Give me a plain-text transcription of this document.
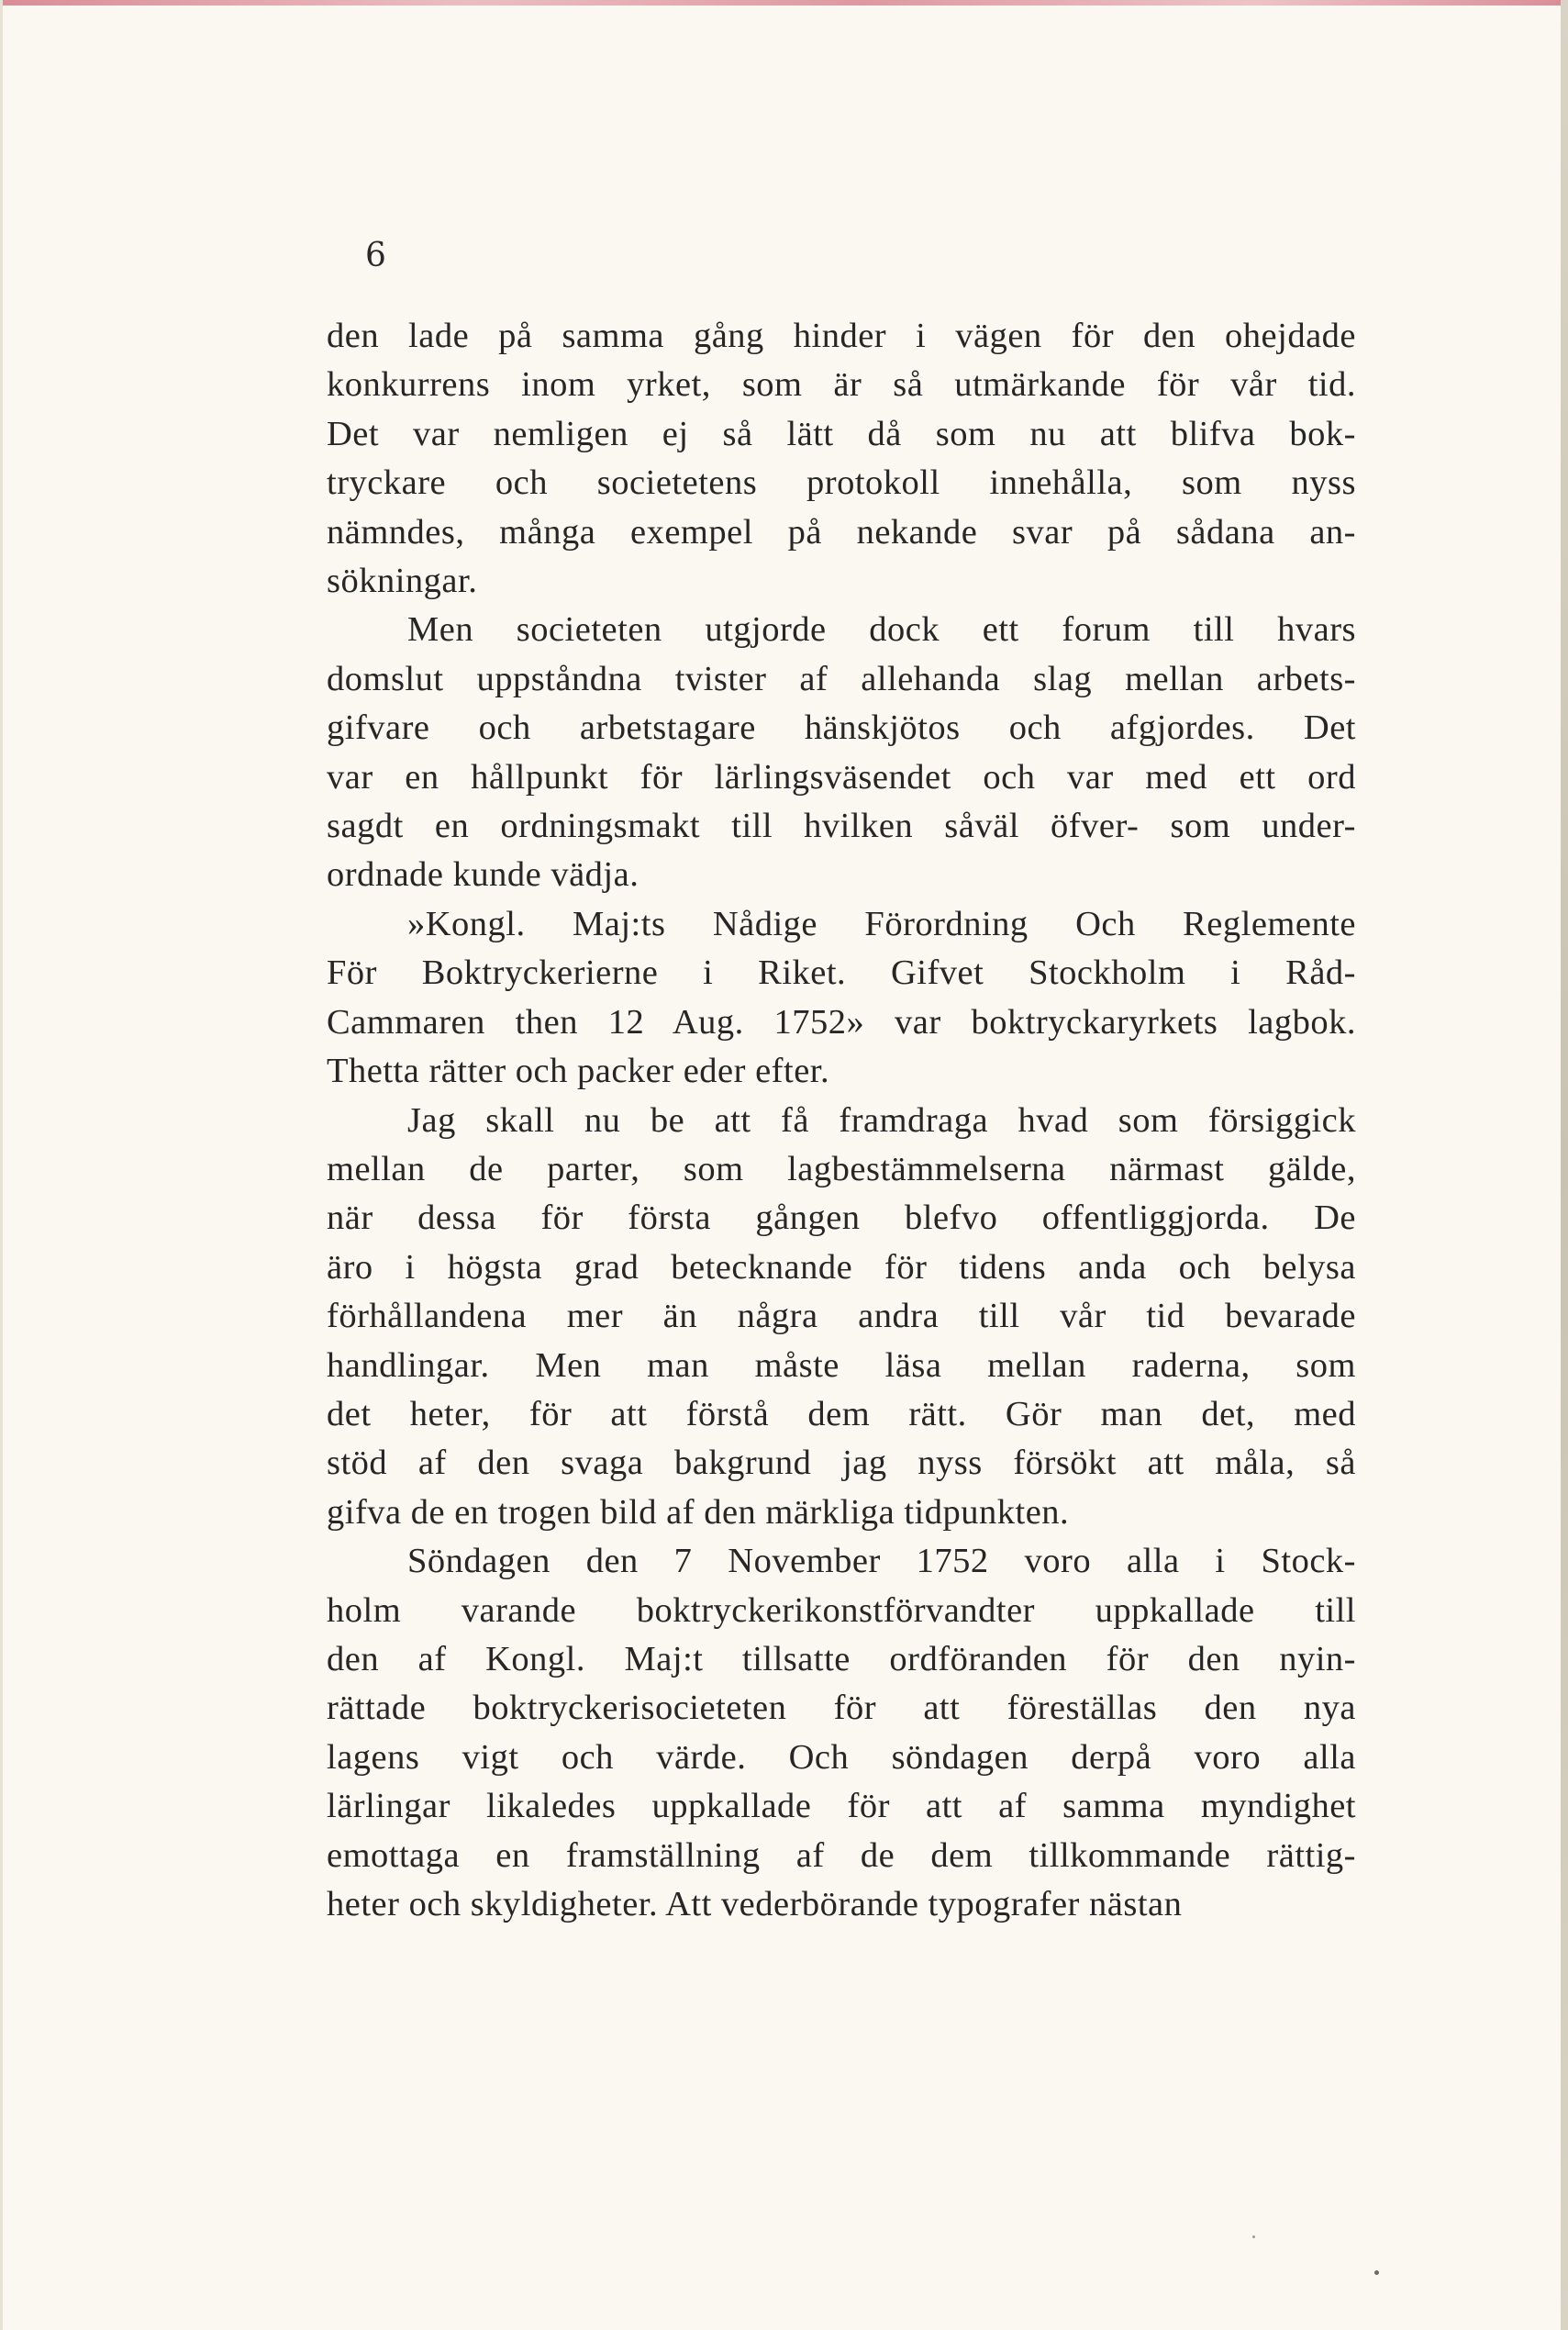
6
den lade på samma gång hinder i vägen för den ohejdade
konkurrens inom yrket, som är så utmärkande för vår tid.
Det var nemligen ej så lätt då som nu att blifva bok-
tryckare och societetens protokoll innehålla, som nyss
nämndes, många exempel på nekande svar på sådana an-
sökningar.
Men societeten utgjorde dock ett forum till hvars
domslut uppståndna tvister af allehanda slag mellan arbets-
gifvare och arbetstagare hänskjötos och afgjordes. Det
var en hållpunkt för lärlingsväsendet och var med ett ord
sagdt en ordningsmakt till hvilken såväl öfver- som under-
ordnade kunde vädja.
»Kongl. Maj:ts Nådige Förordning Och Reglemente
För Boktryckerierne i Riket. Gifvet Stockholm i Råd-
Cammaren then 12 Aug. 1752» var boktryckaryrkets lagbok.
Thetta rätter och packer eder efter.
Jag skall nu be att få framdraga hvad som försiggick
mellan de parter, som lagbestämmelserna närmast gälde,
när dessa för första gången blefvo offentliggjorda. De
äro i högsta grad betecknande för tidens anda och belysa
förhållandena mer än några andra till vår tid bevarade
handlingar. Men man måste läsa mellan raderna, som
det heter, för att förstå dem rätt. Gör man det, med
stöd af den svaga bakgrund jag nyss försökt att måla, så
gifva de en trogen bild af den märkliga tidpunkten.
Söndagen den 7 November 1752 voro alla i Stock-
holm varande boktryckerikonstförvandter uppkallade till
den af Kongl. Maj:t tillsatte ordföranden för den nyin-
rättade boktryckerisocieteten för att föreställas den nya
lagens vigt och värde. Och söndagen derpå voro alla
lärlingar likaledes uppkallade för att af samma myndighet
emottaga en framställning af de dem tillkommande rättig-
heter och skyldigheter. Att vederbörande typografer nästan
